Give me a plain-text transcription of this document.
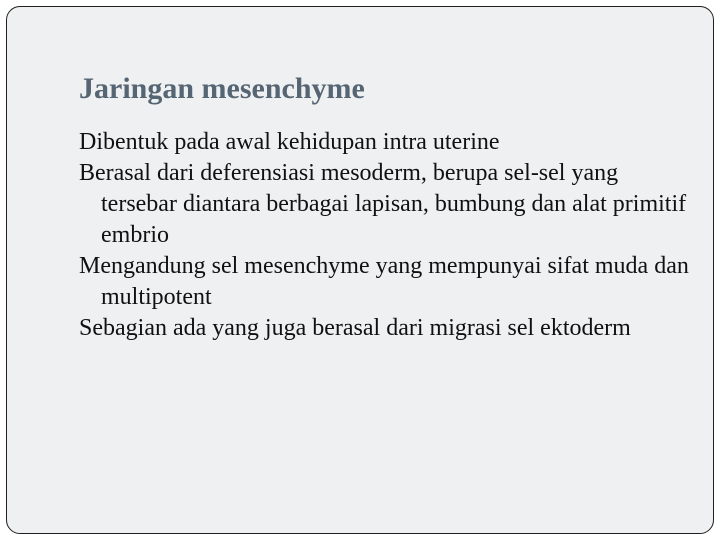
Jaringan mesenchyme
Dibentuk pada awal kehidupan intra uterine
Berasal dari deferensiasi mesoderm, berupa sel-sel yang tersebar diantara berbagai lapisan, bumbung dan alat primitif embrio
Mengandung sel mesenchyme yang mempunyai sifat muda dan multipotent
Sebagian ada yang juga berasal dari migrasi sel ektoderm
